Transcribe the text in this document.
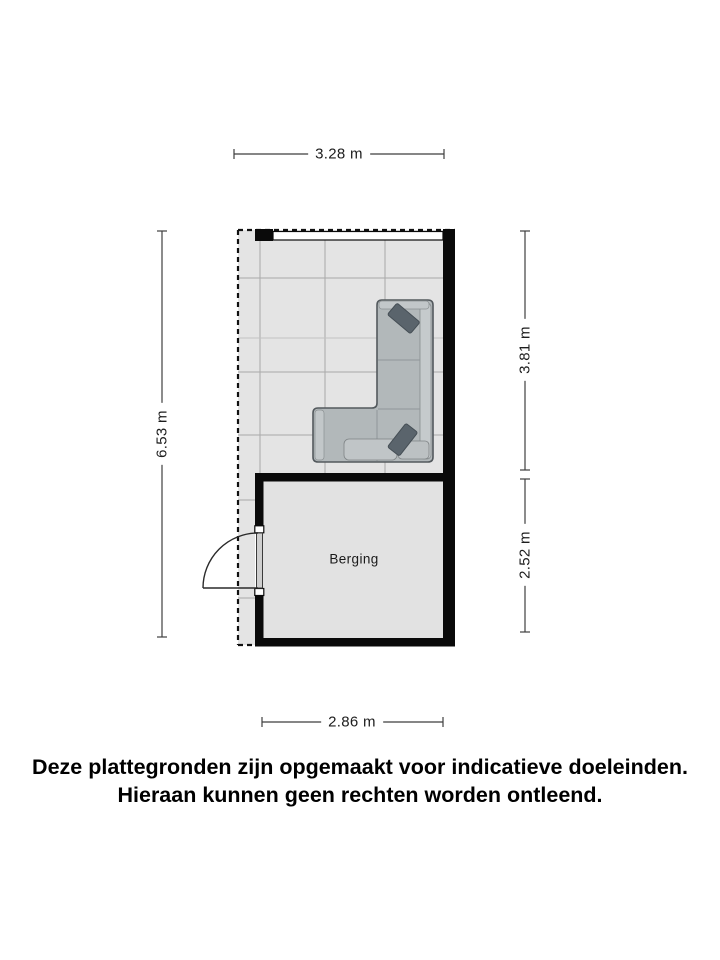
3.28 m
6.53 m
3.81 m
2.52 m
2.86 m
Berging
Deze plattegronden zijn opgemaakt voor indicatieve doeleinden.
Hieraan kunnen geen rechten worden ontleend.
